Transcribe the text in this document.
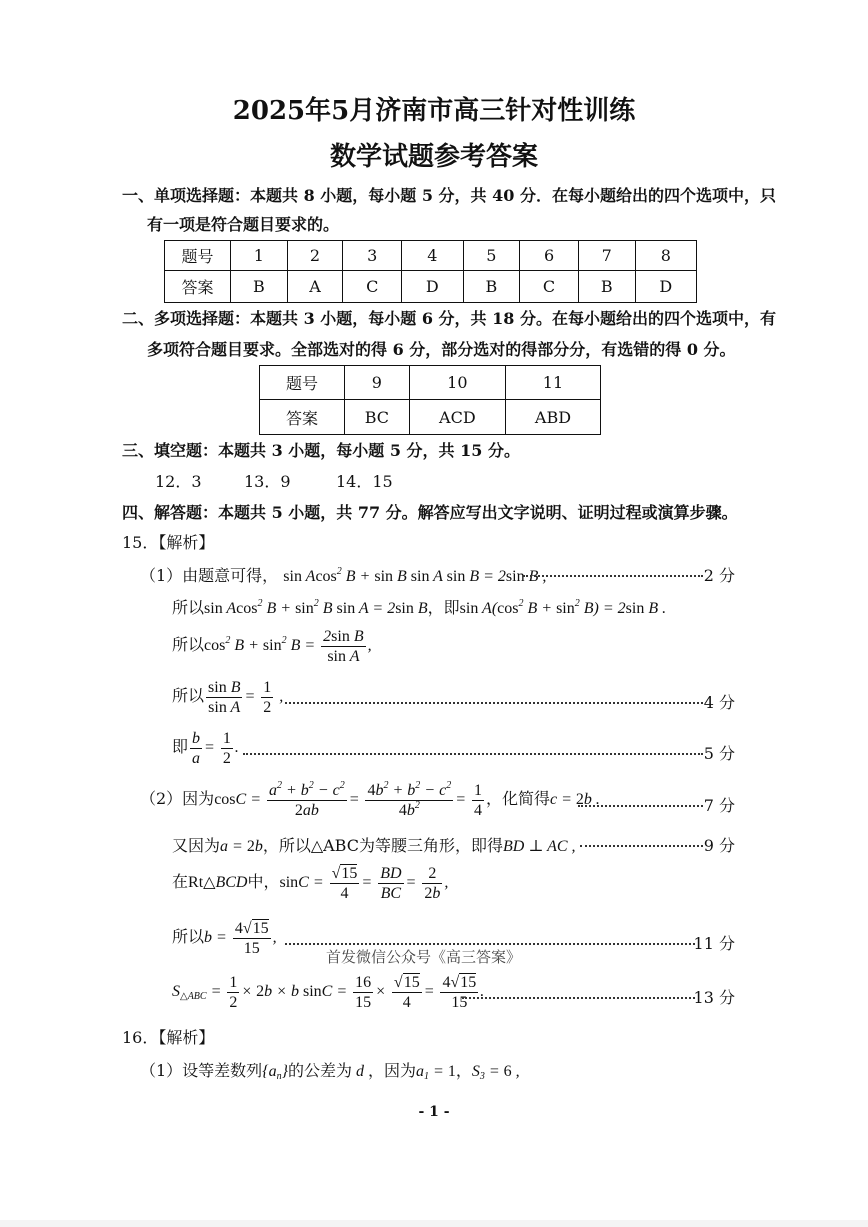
2025年5月济南市高三针对性训练
数学试题参考答案
一、单项选择题：本题共 8 小题，每小题 5 分，共 40 分．在每小题给出的四个选项中，只
有一项是符合题目要求的。
题号	1	2	3	4	5	6	7	8
答案	B	A	C	D	B	C	B	D
二、多项选择题：本题共 3 小题，每小题 6 分，共 18 分。在每小题给出的四个选项中，有
多项符合题目要求。全部选对的得 6 分，部分选对的得部分分，有选错的得 0 分。
题号	9	10	11
答案	BC	ACD	ABD
三、填空题：本题共 3 小题，每小题 5 分，共 15 分。
12．3	13．9	14．15
四、解答题：本题共 5 小题，共 77 分。解答应写出文字说明、证明过程或演算步骤。
15．【解析】
（1）由题意可得， sin Acos$^2$ B + sin B sin A sin B = 2sin B ,	2 分
所以sin Acos$^2$ $B + \sin^2 B$ sin A = 2sin B，即$\sin A(\cos^2$ $B + \sin^2 B) = 2\sin$ B .
所以$\cos^2 B + \sin^2 B = \frac{\text{2sin B}}{\text{sin A}}$ ,
所以 $\frac{\text{sin B}}{\text{sin A}} = \frac{1}{2}$ ,	4 分
即 $\frac{b}{a} = \frac{1}{2}$ .	5 分
（2）因为$\cos C = \frac{a^2 + b^2 - c^2}{2ab} = \frac{4b^2 + b^2 - c^2}{4b^2} = \frac{1}{4}$ ，化简得c = 2b .	7 分
又因为a = 2b，所以△ABC为等腰三角形，即得BD ⊥ AC ,	9 分
在Rt△BCD中，$\sin C = \frac{√15}{4} = \frac{BD}{BC} = \frac{2}{2b}$ ,
所以$b = \frac{4√15}{15}$ ,	11 分
首发微信公众号《高三答案》
$S_{\triangle ABC} = \frac{1}{2} \times 2b \times b$ $\sin C = \frac{16}{15} \times \frac{√15}{4} = \frac{4√15}{15}$ .	13 分
16．【解析】
（1）设等差数列$\{a_n\}$的公差为 d ，因为$a_1 = 1$，$S_3 = 6$ ,
- 1 -
